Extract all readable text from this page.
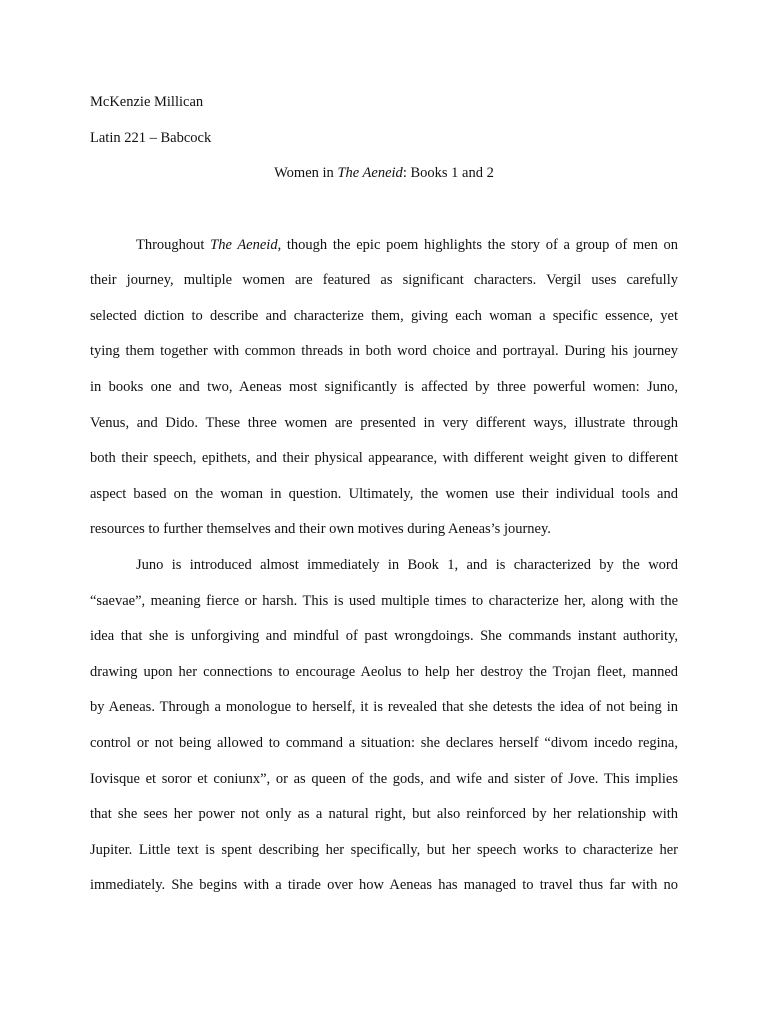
McKenzie Millican
Latin 221 – Babcock
Women in The Aeneid: Books 1 and 2
Throughout The Aeneid, though the epic poem highlights the story of a group of men on
their journey, multiple women are featured as significant characters. Vergil uses carefully
selected diction to describe and characterize them, giving each woman a specific essence, yet
tying them together with common threads in both word choice and portrayal. During his journey
in books one and two, Aeneas most significantly is affected by three powerful women: Juno,
Venus, and Dido. These three women are presented in very different ways, illustrate through
both their speech, epithets, and their physical appearance, with different weight given to different
aspect based on the woman in question. Ultimately, the women use their individual tools and
resources to further themselves and their own motives during Aeneas’s journey.
Juno is introduced almost immediately in Book 1, and is characterized by the word
“saevae”, meaning fierce or harsh. This is used multiple times to characterize her, along with the
idea that she is unforgiving and mindful of past wrongdoings. She commands instant authority,
drawing upon her connections to encourage Aeolus to help her destroy the Trojan fleet, manned
by Aeneas. Through a monologue to herself, it is revealed that she detests the idea of not being in
control or not being allowed to command a situation: she declares herself “divom incedo regina,
Iovisque et soror et coniunx”, or as queen of the gods, and wife and sister of Jove. This implies
that she sees her power not only as a natural right, but also reinforced by her relationship with
Jupiter. Little text is spent describing her specifically, but her speech works to characterize her
immediately. She begins with a tirade over how Aeneas has managed to travel thus far with no
